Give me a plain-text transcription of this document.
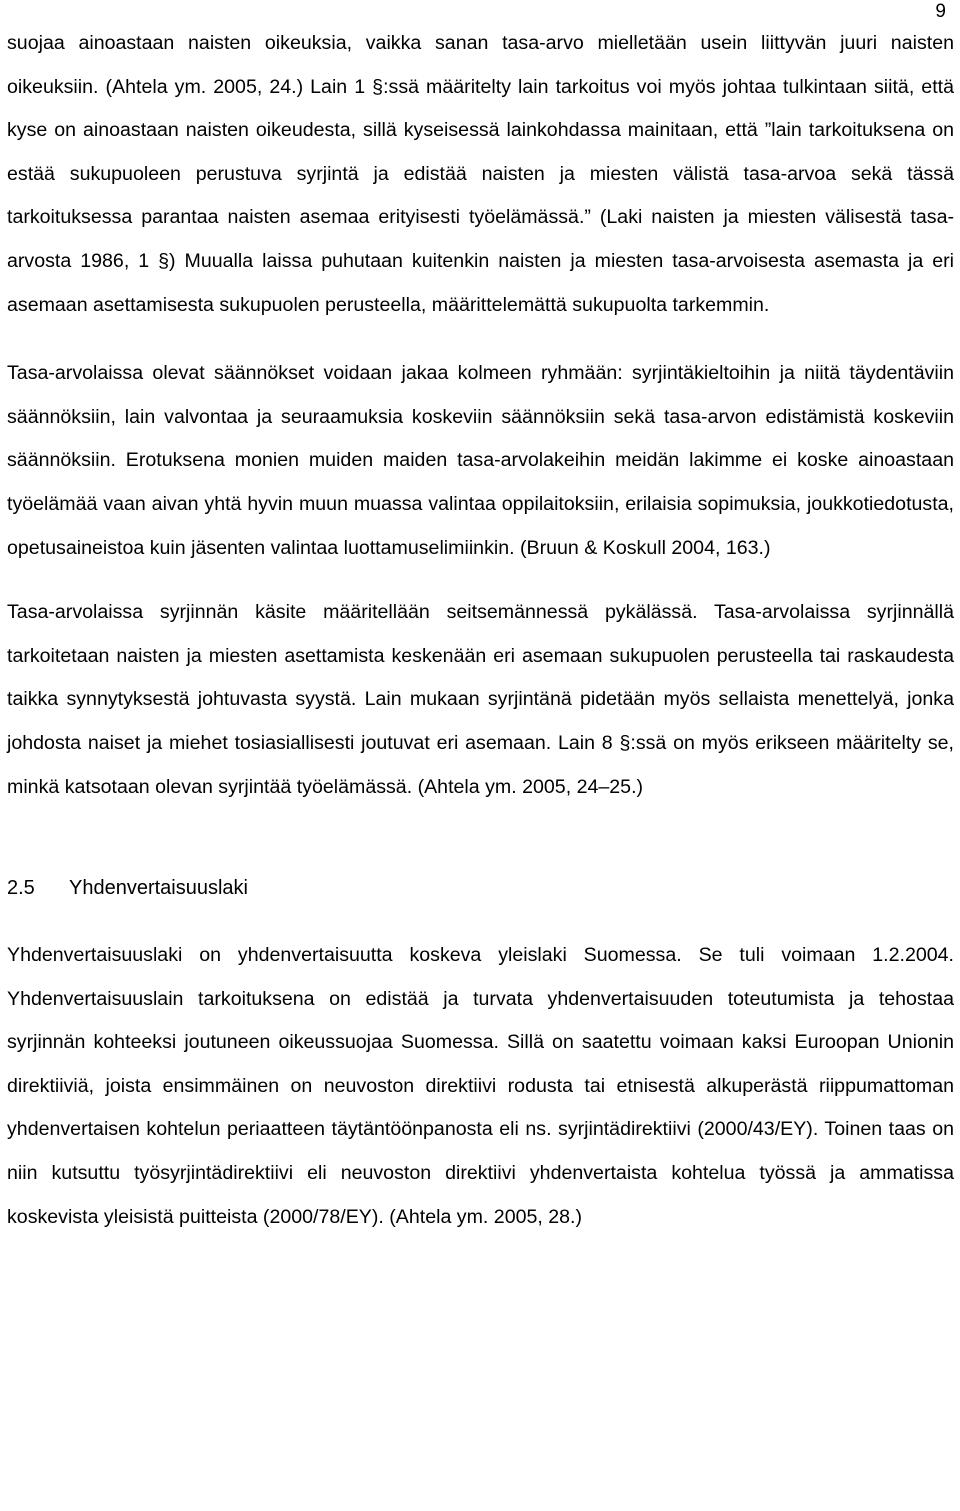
9

suojaa ainoastaan naisten oikeuksia, vaikka sanan tasa-arvo mielletään usein liittyvän juuri naisten oikeuksiin. (Ahtela ym. 2005, 24.) Lain 1 §:ssä määritelty lain tarkoitus voi myös johtaa tulkintaan siitä, että kyse on ainoastaan naisten oikeudesta, sillä kyseisessä lainkohdassa mainitaan, että ”lain tarkoituksena on estää sukupuoleen perustuva syrjintä ja edistää naisten ja miesten välistä tasa-arvoa sekä tässä tarkoituksessa parantaa naisten asemaa erityisesti työelämässä.” (Laki naisten ja miesten välisestä tasa-arvosta 1986, 1 §) Muualla laissa puhutaan kuitenkin naisten ja miesten tasa-arvoisesta asemasta ja eri asemaan asettamisesta sukupuolen perusteella, määrittelemättä sukupuolta tarkemmin.

Tasa-arvolaissa olevat säännökset voidaan jakaa kolmeen ryhmään: syrjintäkieltoihin ja niitä täydentäviin säännöksiin, lain valvontaa ja seuraamuksia koskeviin säännöksiin sekä tasa-arvon edistämistä koskeviin säännöksiin. Erotuksena monien muiden maiden tasa-arvolakeihin meidän lakimme ei koske ainoastaan työelämää vaan aivan yhtä hyvin muun muassa valintaa oppilaitoksiin, erilaisia sopimuksia, joukkotiedotusta, opetusaineistoa kuin jäsenten valintaa luottamuselimiinkin. (Bruun & Koskull 2004, 163.)

Tasa-arvolaissa syrjinnän käsite määritellään seitsemännessä pykälässä. Tasa-arvolaissa syrjinnällä tarkoitetaan naisten ja miesten asettamista keskenään eri asemaan sukupuolen perusteella tai raskaudesta taikka synnytyksestä johtuvasta syystä. Lain mukaan syrjintänä pidetään myös sellaista menettelyä, jonka johdosta naiset ja miehet tosiasiallisesti joutuvat eri asemaan. Lain 8 §:ssä on myös erikseen määritelty se, minkä katsotaan olevan syrjintää työelämässä. (Ahtela ym. 2005, 24–25.)

2.5	Yhdenvertaisuuslaki

Yhdenvertaisuuslaki on yhdenvertaisuutta koskeva yleislaki Suomessa. Se tuli voimaan 1.2.2004. Yhdenvertaisuuslain tarkoituksena on edistää ja turvata yhdenvertaisuuden toteutumista ja tehostaa syrjinnän kohteeksi joutuneen oikeussuojaa Suomessa. Sillä on saatettu voimaan kaksi Euroopan Unionin direktiiviä, joista ensimmäinen on neuvoston direktiivi rodusta tai etnisestä alkuperästä riippumattoman yhdenvertaisen kohtelun periaatteen täytäntöönpanosta eli ns. syrjintädirektiivi (2000/43/EY). Toinen taas on niin kutsuttu työsyrjintädirektiivi eli neuvoston direktiivi yhdenvertaista kohtelua työssä ja ammatissa koskevista yleisistä puitteista (2000/78/EY). (Ahtela ym. 2005, 28.)
